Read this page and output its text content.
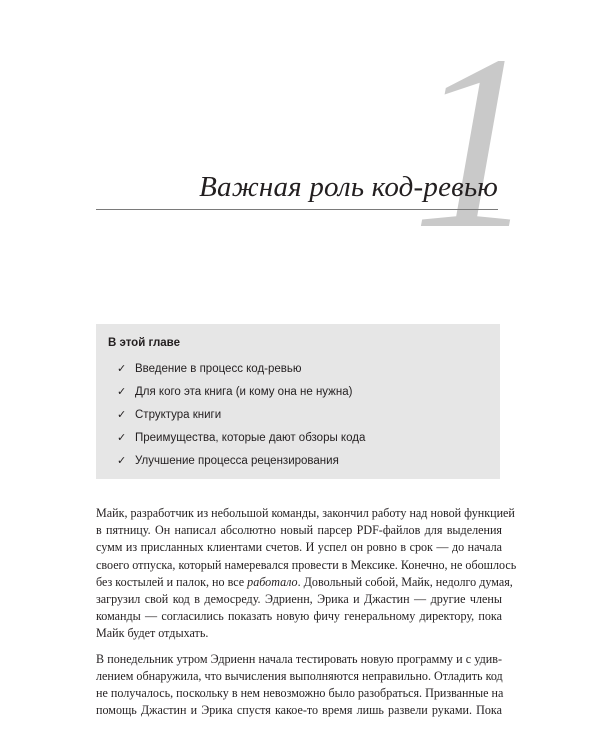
1
Важная роль код-ревью
В этой главе
✓ Введение в процесс код-ревью
✓ Для кого эта книга (и кому она не нужна)
✓ Структура книги
✓ Преимущества, которые дают обзоры кода
✓ Улучшение процесса рецензирования

Майк, разработчик из небольшой команды, закончил работу над новой функцией
в пятницу. Он написал абсолютно новый парсер PDF-файлов для выделения
сумм из присланных клиентами счетов. И успел он ровно в срок — до начала
своего отпуска, который намеревался провести в Мексике. Конечно, не обошлось
без костылей и палок, но все работало. Довольный собой, Майк, недолго думая,
загрузил свой код в демосреду. Эдриенн, Эрика и Джастин — другие члены
команды — согласились показать новую фичу генеральному директору, пока
Майк будет отдыхать.

В понедельник утром Эдриенн начала тестировать новую программу и с удив-
лением обнаружила, что вычисления выполняются неправильно. Отладить код
не получалось, поскольку в нем невозможно было разобраться. Призванные на
помощь Джастин и Эрика спустя какое-то время лишь развели руками. Пока
